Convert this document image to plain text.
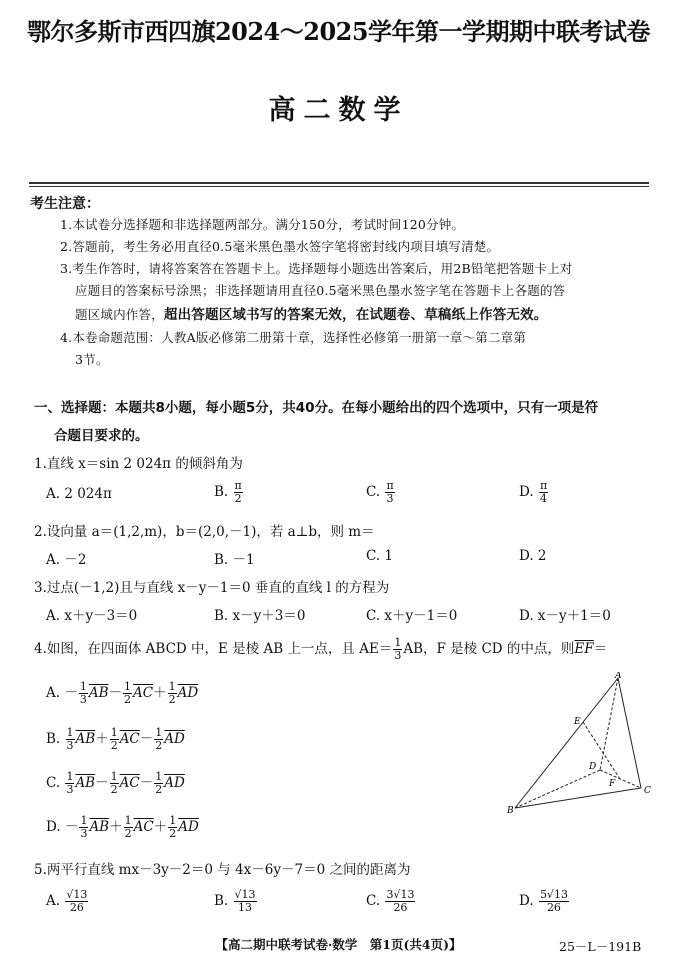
鄂尔多斯市西四旗2024～2025学年第一学期期中联考试卷
高二数学
考生注意：
1.本试卷分选择题和非选择题两部分。满分150分，考试时间120分钟。
2.答题前，考生务必用直径0.5毫米黑色墨水签字笔将密封线内项目填写清楚。
3.考生作答时，请将答案答在答题卡上。选择题每小题选出答案后，用2B铅笔把答题卡上对
应题目的答案标号涂黑；非选择题请用直径0.5毫米黑色墨水签字笔在答题卡上各题的答
题区域内作答，超出答题区域书写的答案无效，在试题卷、草稿纸上作答无效。
4.本卷命题范围：人教A版必修第二册第十章，选择性必修第一册第一章～第二章第
3节。
一、选择题：本题共8小题，每小题5分，共40分。在每小题给出的四个选项中，只有一项是符
合题目要求的。
1.直线 x＝sin 2 024π 的倾斜角为
A. 2 024π	B. $\frac{\pi}{2}$	C. $\frac{\pi}{3}$	D. $\frac{\pi}{4}$
2.设向量 a＝(1,2,m)，b＝(2,0,－1)，若 a⊥b，则 m＝
A. －2	B. －1	C. 1	D. 2
3.过点(－1,2)且与直线 x－y－1＝0 垂直的直线 l 的方程为
A. x＋y－3＝0	B. x－y＋3＝0	C. x＋y－1＝0	D. x－y＋1＝0
4.如图，在四面体 ABCD 中，E 是棱 AB 上一点，且 $AE= \frac{1}{3}$ AB，F 是棱 CD 的中点，则$\overline{EF}=$
A. － $\frac{1}{3} \overline{AB}- \frac{1}{2} \overline{AC}+ \frac{1}{2} \overline{AD}$
B. $\frac{1}{3} \overline{AB}+ \frac{1}{2} \overline{AC}- \frac{1}{2} \overline{AD}$
C. $\frac{1}{3} \overline{AB}- \frac{1}{2} \overline{AC}- \frac{1}{2} \overline{AD}$
D. － $\frac{1}{3} \overline{AB}+ \frac{1}{2} \overline{AC}+ \frac{1}{2} \overline{AD}$
A
E
D
F
B
C
5.两平行直线 mx－3y－2＝0 与 4x－6y－7＝0 之间的距离为
A. $\frac{√13}{26}$	B. $\frac{√13}{13}$	C. $\frac{3√13}{26}$	D. $\frac{5√13}{26}$
【高二期中联考试卷·数学　第1页(共4页)】	25－L－191B
